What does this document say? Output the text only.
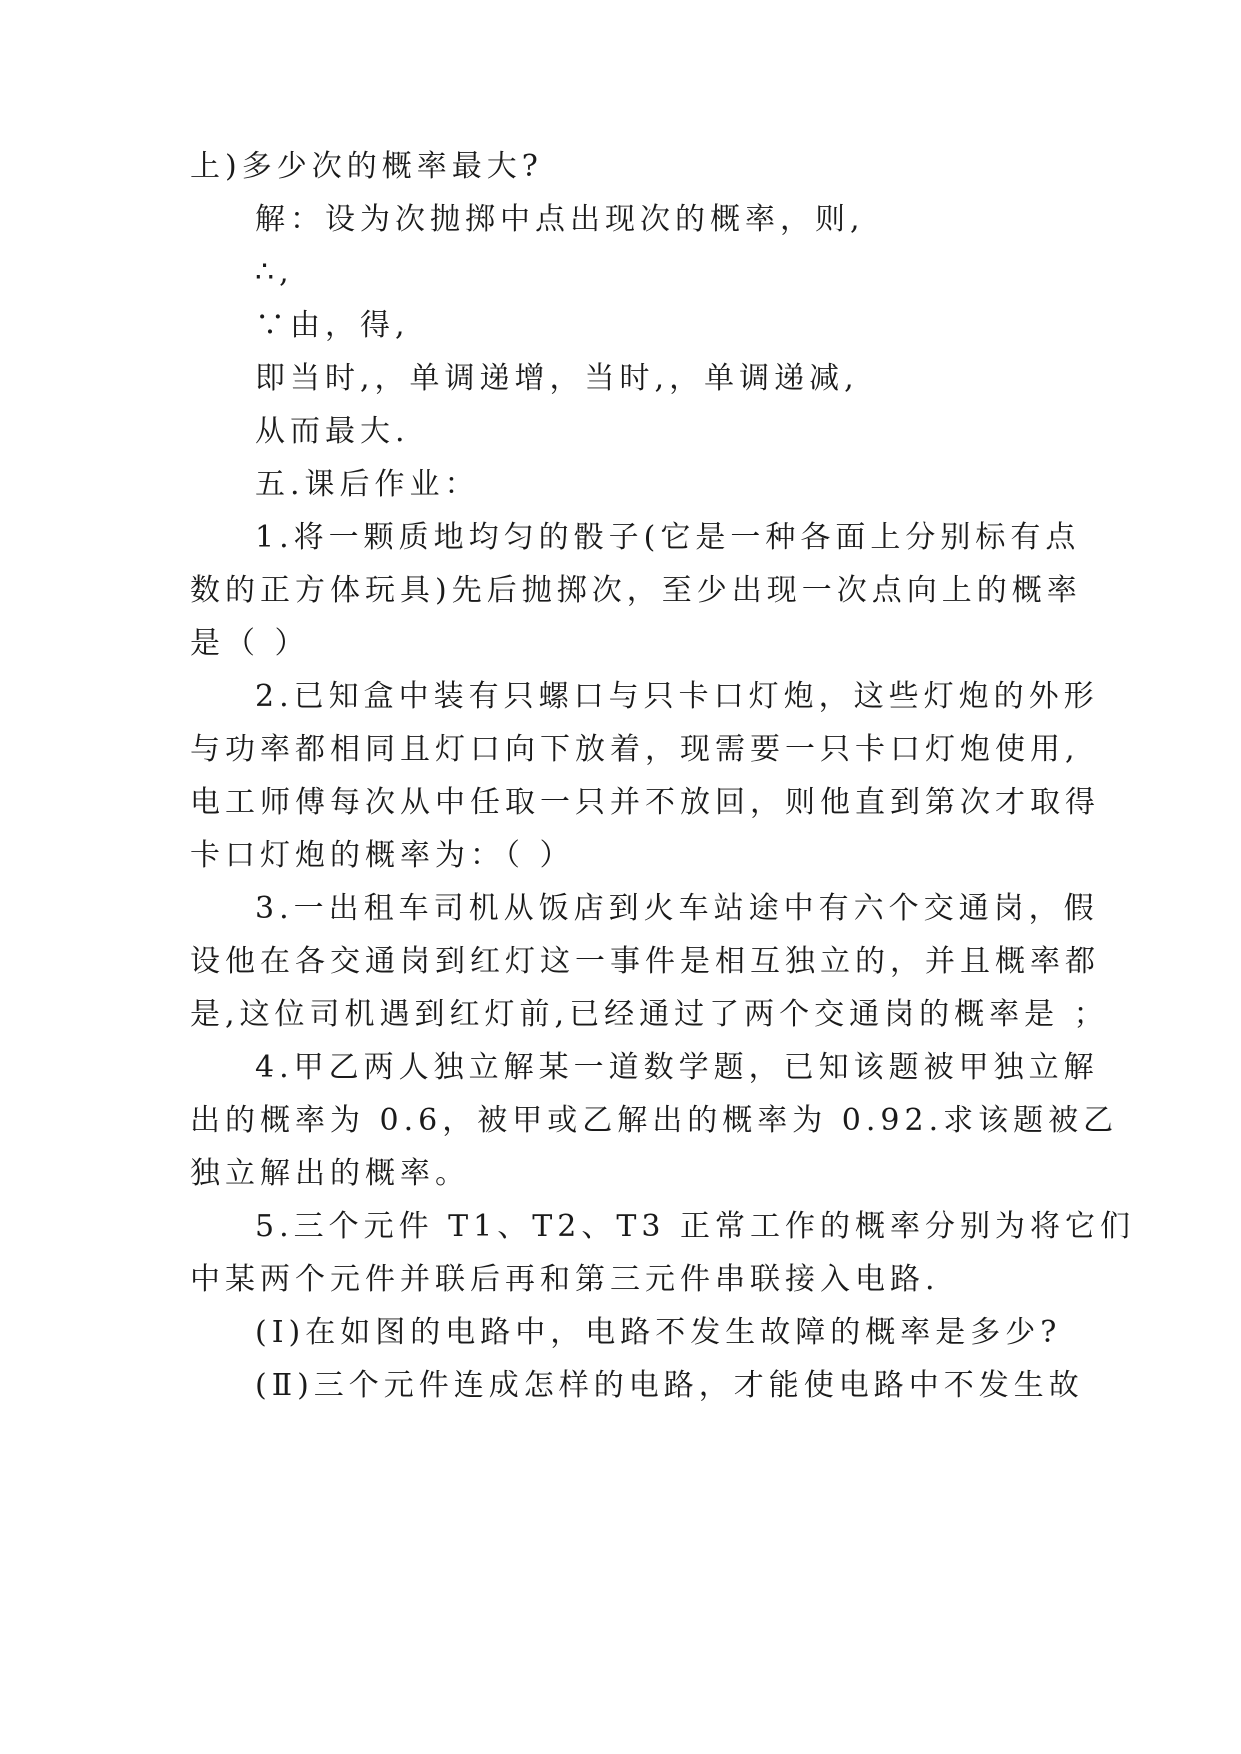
上)多少次的概率最大?
解：设为次抛掷中点出现次的概率，则,
∴,
∵由，得,
即当时,，单调递增，当时,，单调递减,
从而最大.
五.课后作业：
1.将一颗质地均匀的骰子(它是一种各面上分别标有点
数的正方体玩具)先后抛掷次，至少出现一次点向上的概率
是（ ）
2.已知盒中装有只螺口与只卡口灯炮，这些灯炮的外形
与功率都相同且灯口向下放着，现需要一只卡口灯炮使用,
电工师傅每次从中任取一只并不放回，则他直到第次才取得
卡口灯炮的概率为：（ ）
3.一出租车司机从饭店到火车站途中有六个交通岗，假
设他在各交通岗到红灯这一事件是相互独立的，并且概率都
是,这位司机遇到红灯前,已经通过了两个交通岗的概率是 ；
4.甲乙两人独立解某一道数学题，已知该题被甲独立解
出的概率为 0.6，被甲或乙解出的概率为 0.92.求该题被乙
独立解出的概率。
5.三个元件 T1、T2、T3 正常工作的概率分别为将它们
中某两个元件并联后再和第三元件串联接入电路.
(Ⅰ)在如图的电路中，电路不发生故障的概率是多少?
(Ⅱ)三个元件连成怎样的电路，才能使电路中不发生故
